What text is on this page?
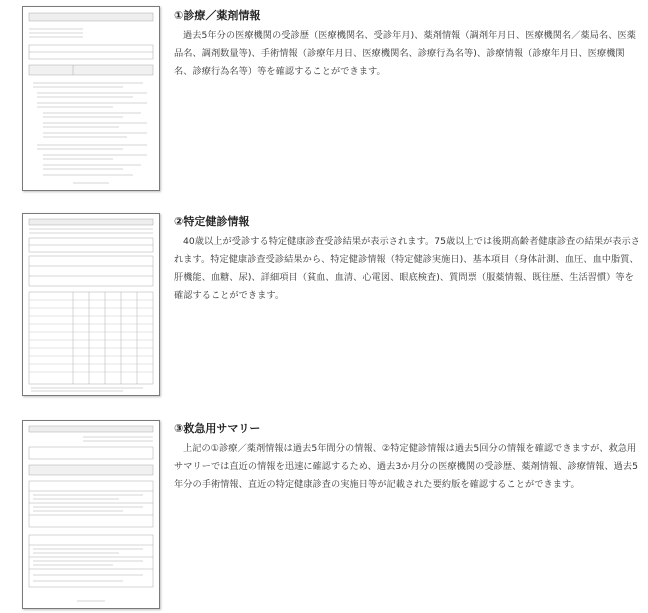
①診療／薬剤情報

過去5年分の医療機関の受診歴（医療機関名、受診年月)、薬剤情報（調剤年月日、医療機関名／薬局名、医薬品名、調剤数量等)、手術情報（診療年月日、医療機関名、診療行為名等)、診療情報（診療年月日、医療機関名、診療行為名等）等を確認することができます。

②特定健診情報

40歳以上が受診する特定健康診査受診結果が表示されます。75歳以上では後期高齢者健康診査の結果が表示されます。特定健康診査受診結果から、特定健診情報（特定健診実施日)、基本項目（身体計測、血圧、血中脂質、肝機能、血糖、尿)、詳細項目（貧血、血清、心電図、眼底検査)、質問票（服薬情報、既往歴、生活習慣）等を確認することができます。

③救急用サマリー

上記の①診療／薬剤情報は過去5年間分の情報、②特定健診情報は過去5回分の情報を確認できますが、救急用サマリーでは直近の情報を迅速に確認するため、過去3か月分の医療機関の受診歴、薬剤情報、診療情報、過去5年分の手術情報、直近の特定健康診査の実施日等が記載された要約版を確認することができます。
